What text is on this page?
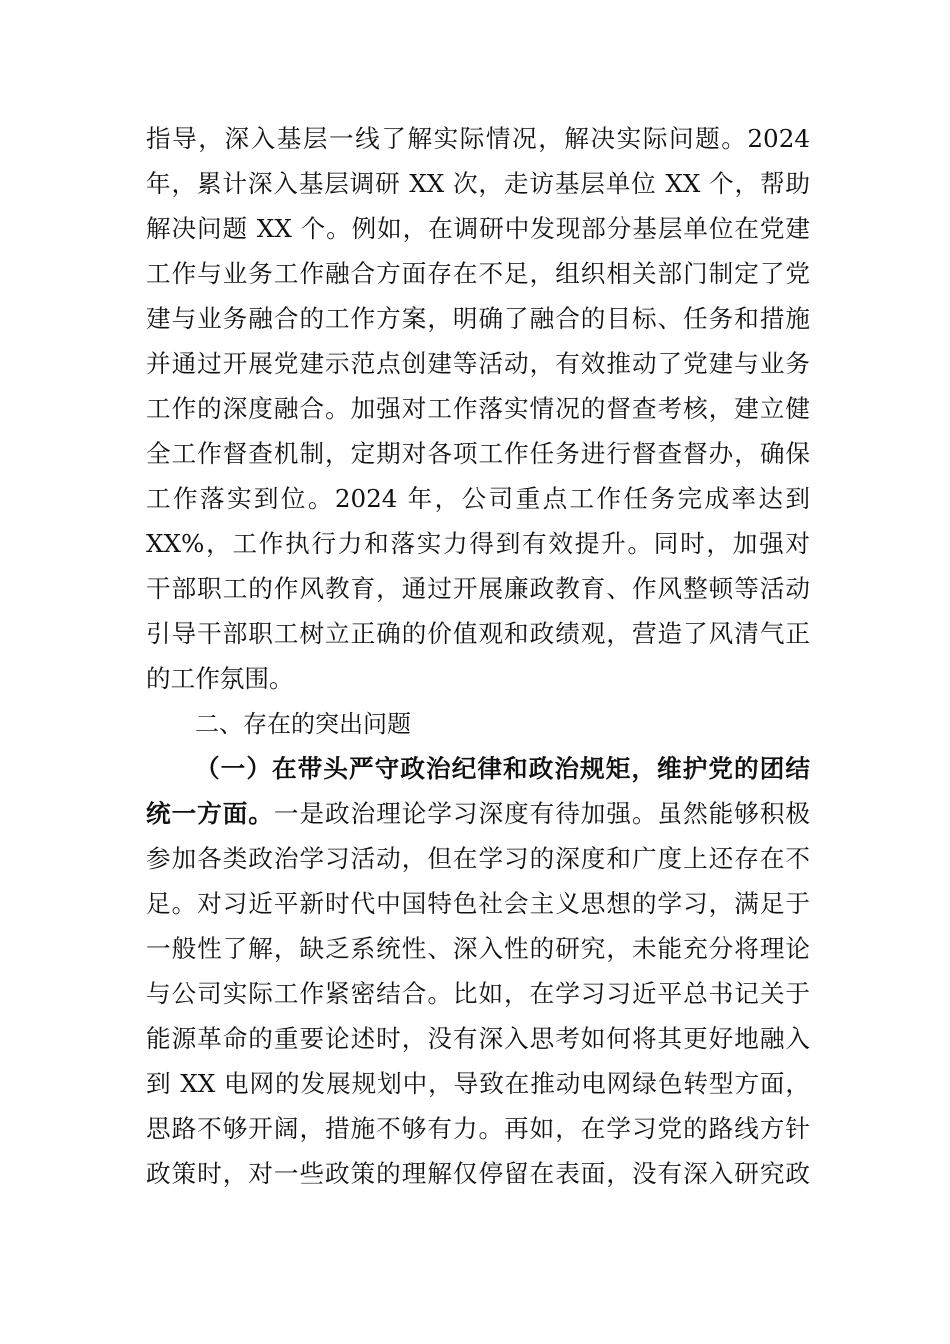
指导，深入基层一线了解实际情况，解决实际问题。2024
年，累计深入基层调研 XX 次，走访基层单位 XX 个，帮助
解决问题 XX 个。例如，在调研中发现部分基层单位在党建
工作与业务工作融合方面存在不足，组织相关部门制定了党
建与业务融合的工作方案，明确了融合的目标、任务和措施
并通过开展党建示范点创建等活动，有效推动了党建与业务
工作的深度融合。加强对工作落实情况的督查考核，建立健
全工作督查机制，定期对各项工作任务进行督查督办，确保
工作落实到位。2024 年，公司重点工作任务完成率达到
XX%，工作执行力和落实力得到有效提升。同时，加强对
干部职工的作风教育，通过开展廉政教育、作风整顿等活动
引导干部职工树立正确的价值观和政绩观，营造了风清气正
的工作氛围。
二、存在的突出问题
（一）在带头严守政治纪律和政治规矩，维护党的团结
统一方面。一是政治理论学习深度有待加强。虽然能够积极
参加各类政治学习活动，但在学习的深度和广度上还存在不
足。对习近平新时代中国特色社会主义思想的学习，满足于
一般性了解，缺乏系统性、深入性的研究，未能充分将理论
与公司实际工作紧密结合。比如，在学习习近平总书记关于
能源革命的重要论述时，没有深入思考如何将其更好地融入
到 XX 电网的发展规划中，导致在推动电网绿色转型方面，
思路不够开阔，措施不够有力。再如，在学习党的路线方针
政策时，对一些政策的理解仅停留在表面，没有深入研究政
